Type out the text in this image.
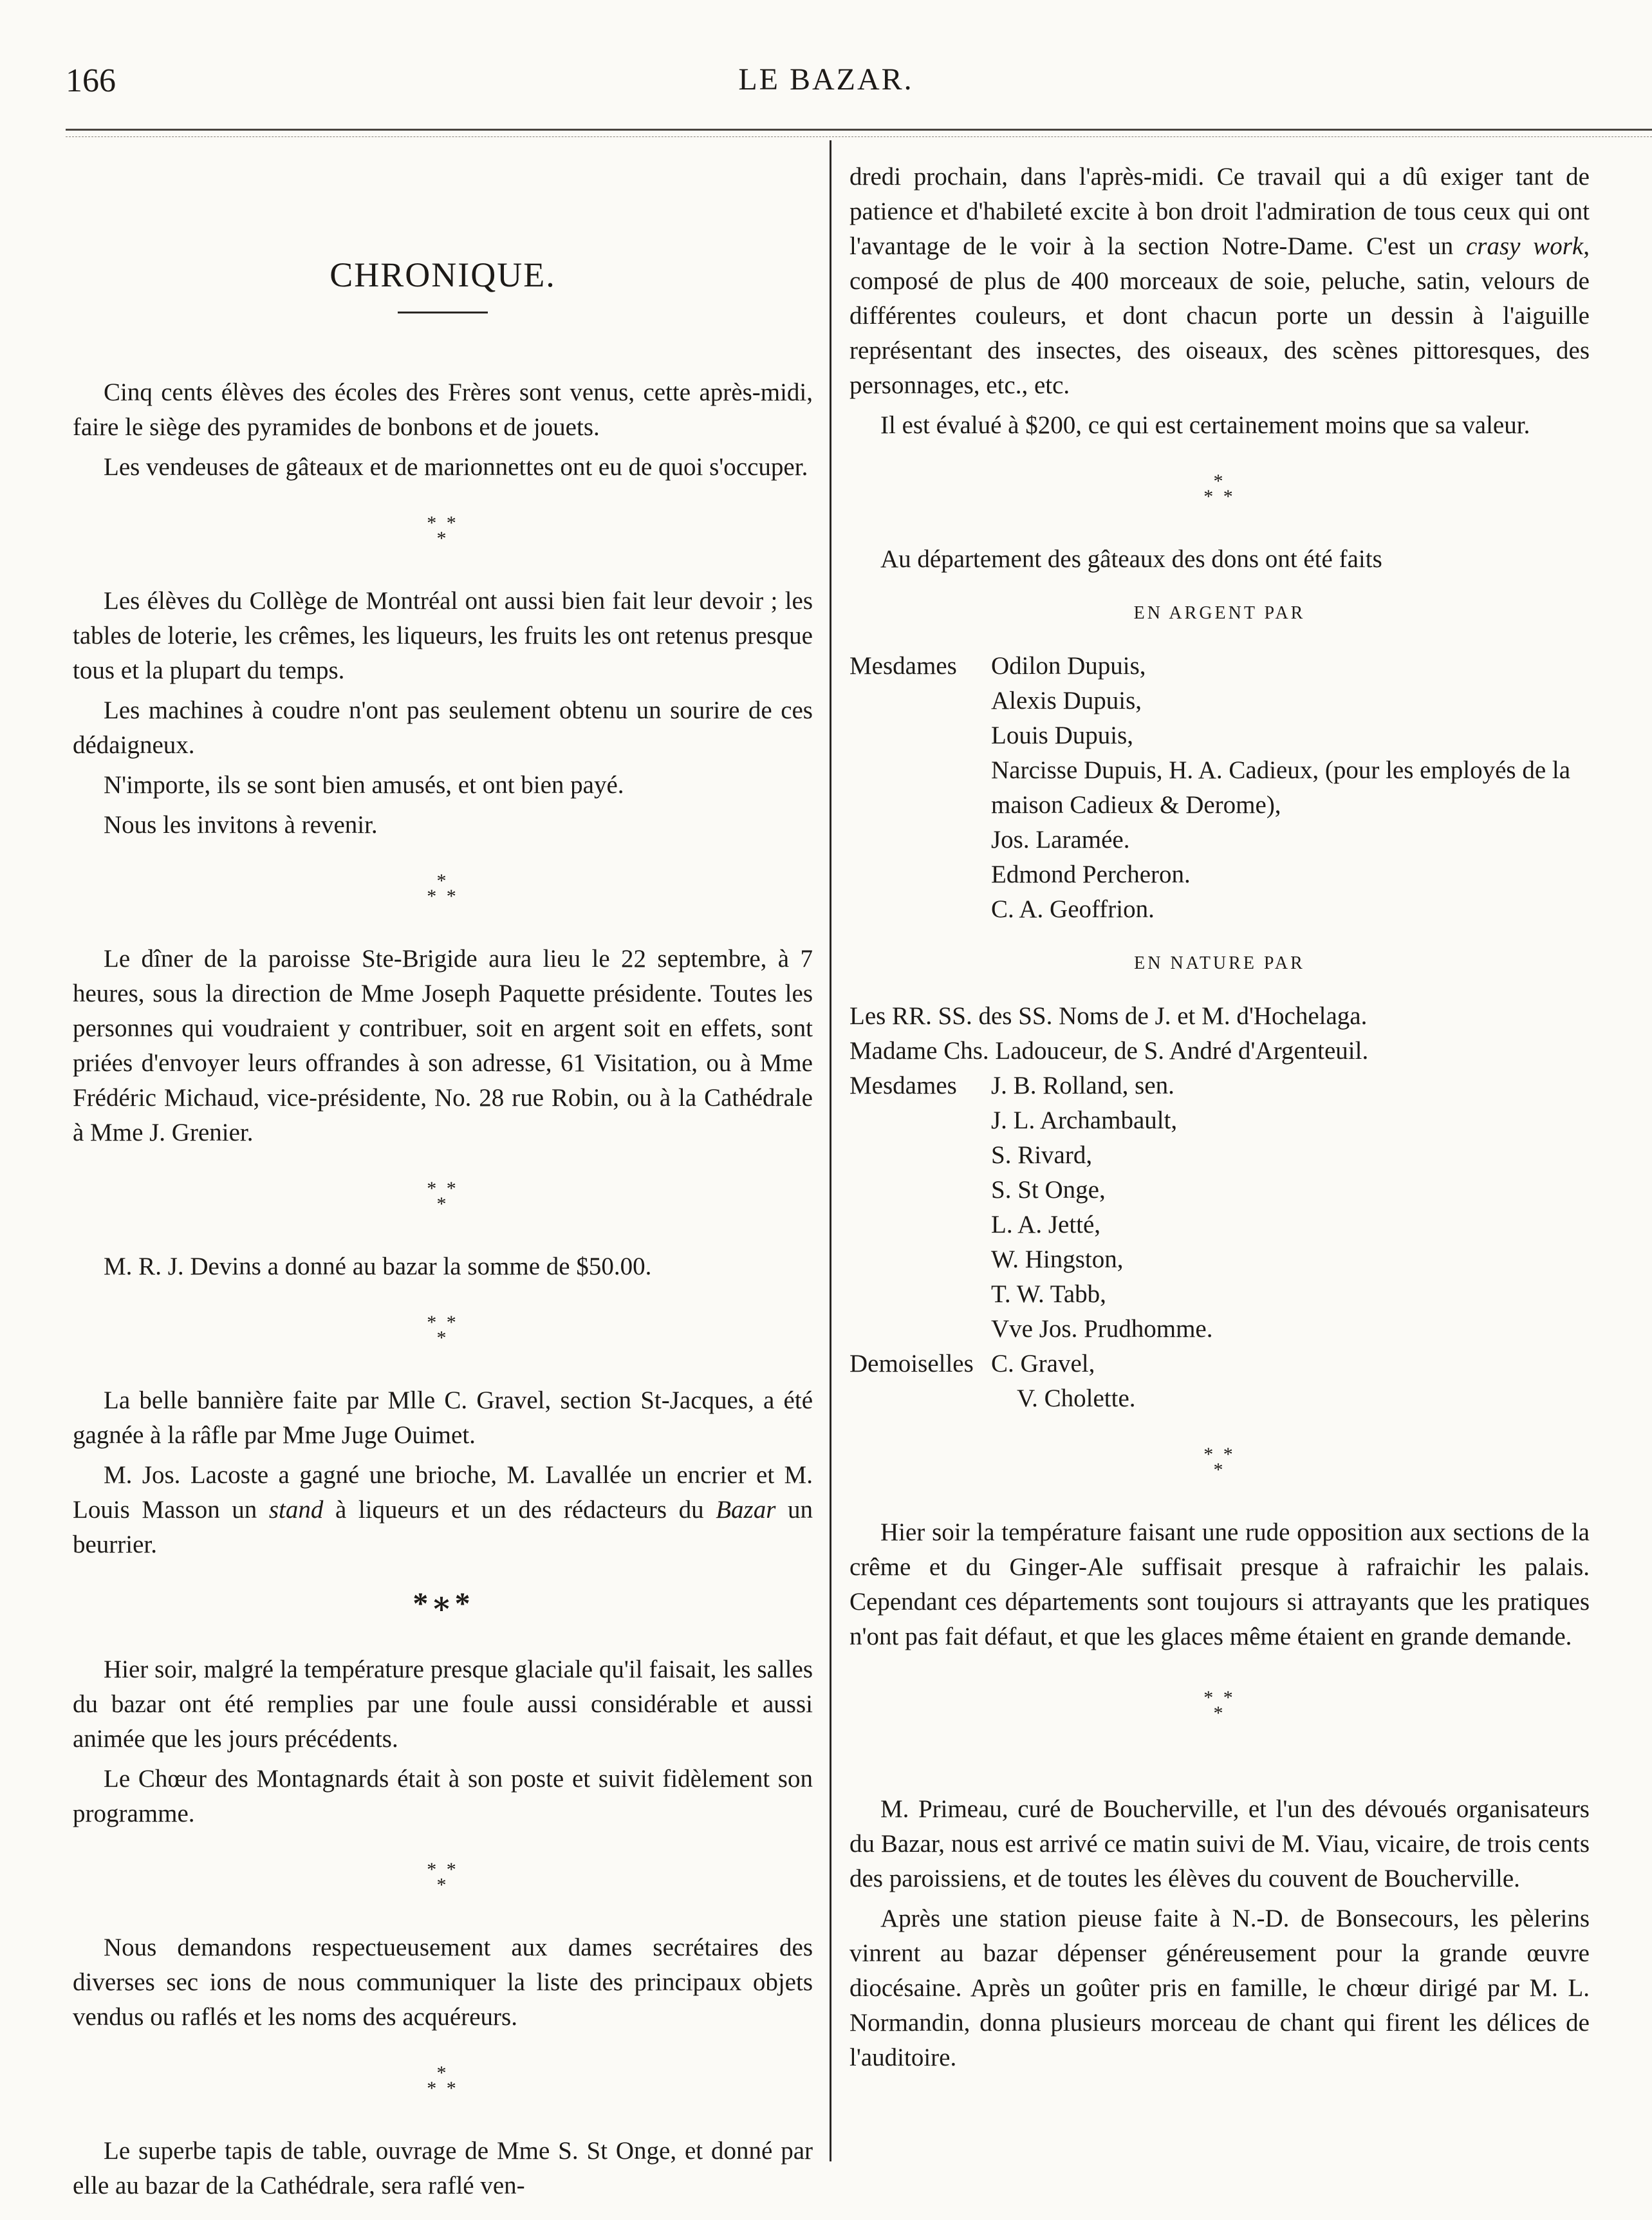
166	LE BAZAR.
CHRONIQUE.

Cinq cents élèves des écoles des Frères sont venus, cette après-midi, faire le siège des pyramides de bonbons et de jouets.

Les vendeuses de gâteaux et de marionnettes ont eu de quoi s'occuper.

* *
*

Les élèves du Collège de Montréal ont aussi bien fait leur devoir ; les tables de loterie, les crêmes, les liqueurs, les fruits les ont retenus presque tous et la plupart du temps.

Les machines à coudre n'ont pas seulement obtenu un sourire de ces dédaigneux.

N'importe, ils se sont bien amusés, et ont bien payé.

Nous les invitons à revenir.

*
* *

Le dîner de la paroisse Ste-Brigide aura lieu le 22 septembre, à 7 heures, sous la direction de Mme Joseph Paquette présidente. Toutes les personnes qui voudraient y contribuer, soit en argent soit en effets, sont priées d'envoyer leurs offrandes à son adresse, 61 Visitation, ou à Mme Frédéric Michaud, vice-présidente, No. 28 rue Robin, ou à la Cathédrale à Mme J. Grenier.

* *
*

M. R. J. Devins a donné au bazar la somme de $50.00.

* *
*

La belle bannière faite par Mlle C. Gravel, section St-Jacques, a été gagnée à la râfle par Mme Juge Ouimet.

M. Jos. Lacoste a gagné une brioche, M. Lavallée un encrier et M. Louis Masson un stand à liqueurs et un des rédacteurs du Bazar un beurrier.

*∗*

Hier soir, malgré la température presque glaciale qu'il faisait, les salles du bazar ont été remplies par une foule aussi considérable et aussi animée que les jours précédents.

Le Chœur des Montagnards était à son poste et suivit fidèlement son programme.

* *
*

Nous demandons respectueusement aux dames secrétaires des diverses sec ions de nous communiquer la liste des principaux objets vendus ou raflés et les noms des acquéreurs.

*
* *

Le superbe tapis de table, ouvrage de Mme S. St Onge, et donné par elle au bazar de la Cathédrale, sera raflé ven-

dredi prochain, dans l'après-midi. Ce travail qui a dû exiger tant de patience et d'habileté excite à bon droit l'admiration de tous ceux qui ont l'avantage de le voir à la section Notre-Dame. C'est un crasy work, composé de plus de 400 morceaux de soie, peluche, satin, velours de différentes couleurs, et dont chacun porte un dessin à l'aiguille représentant des insectes, des oiseaux, des scènes pittoresques, des personnages, etc., etc.

Il est évalué à $200, ce qui est certainement moins que sa valeur.

*
* *

Au département des gâteaux des dons ont été faits

EN ARGENT PAR
Mesdames	Odilon Dupuis,
Alexis Dupuis,
Louis Dupuis,
Narcisse Dupuis, H. A. Cadieux, (pour les employés de la maison Cadieux & Derome),
Jos. Laramée.
Edmond Percheron.
C. A. Geoffrion.
EN NATURE PAR
Les RR. SS. des SS. Noms de J. et M. d'Hochelaga.
Madame Chs. Ladouceur, de S. André d'Argenteuil.
Mesdames	J. B. Rolland, sen.
J. L. Archambault,
S. Rivard,
S. St Onge,
L. A. Jetté,
W. Hingston,
T. W. Tabb,
Vve Jos. Prudhomme.
Demoiselles C. Gravel,
V. Cholette.
* *
*

Hier soir la température faisant une rude opposition aux sections de la crême et du Ginger-Ale suffisait presque à rafraichir les palais. Cependant ces départements sont toujours si attrayants que les pratiques n'ont pas fait défaut, et que les glaces même étaient en grande demande.

* *
*

M. Primeau, curé de Boucherville, et l'un des dévoués organisateurs du Bazar, nous est arrivé ce matin suivi de M. Viau, vicaire, de trois cents des paroissiens, et de toutes les élèves du couvent de Boucherville.

Après une station pieuse faite à N.-D. de Bonsecours, les pèlerins vinrent au bazar dépenser généreusement pour la grande œuvre diocésaine. Après un goûter pris en famille, le chœur dirigé par M. L. Normandin, donna plusieurs morceau de chant qui firent les délices de l'auditoire.
